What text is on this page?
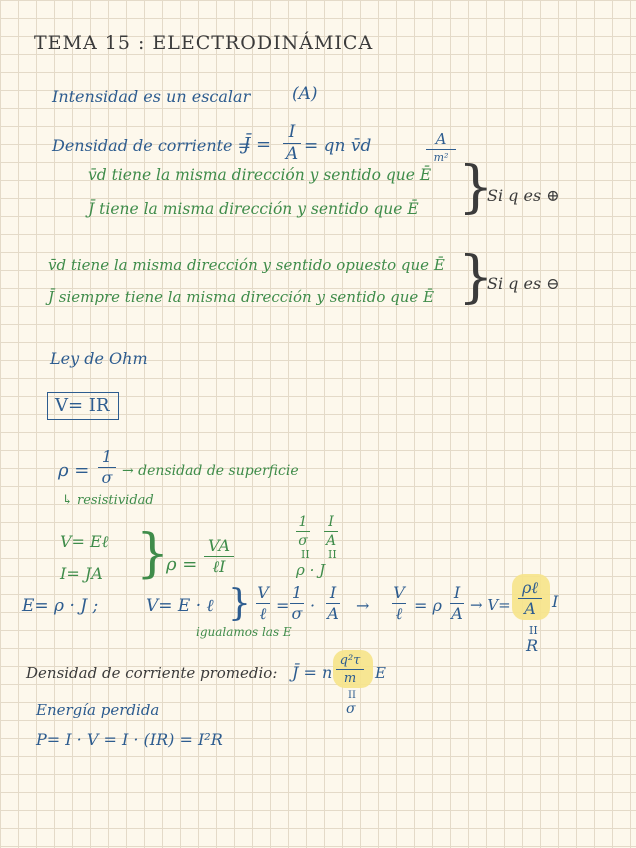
TEMA 15 : ELECTRODINÁMICA
Intensidad es un escalar (A)
Densidad de corriente =
J̄ =
I
A = qn v̄d	A
m²
v̄d tiene la misma dirección y sentido que Ē
J̄ tiene la misma dirección y sentido que Ē }
Si q es ⊕
v̄d tiene la misma dirección y sentido opuesto que Ē
J̄ siempre tiene la misma dirección y sentido que Ē }
Si q es ⊖
Ley de Ohm
V= IR
ρ =
1
σ → densidad de superficie
↳ resistividad
1
σ
I
A
II II
ρ · J
V= Eℓ
I= JA }
ρ =
VA
ℓI
E= ρ · J ;	V= E · ℓ } V
ℓ =
1
σ ·
I
A →
V
ℓ = ρ
I
A → V=
ρℓ
A I
igualamos las E	II
R
Densidad de corriente promedio: J̄ = n
q²τ
m E
II
σ
Energía perdida
P= I · V = I · (IR) = I²R
